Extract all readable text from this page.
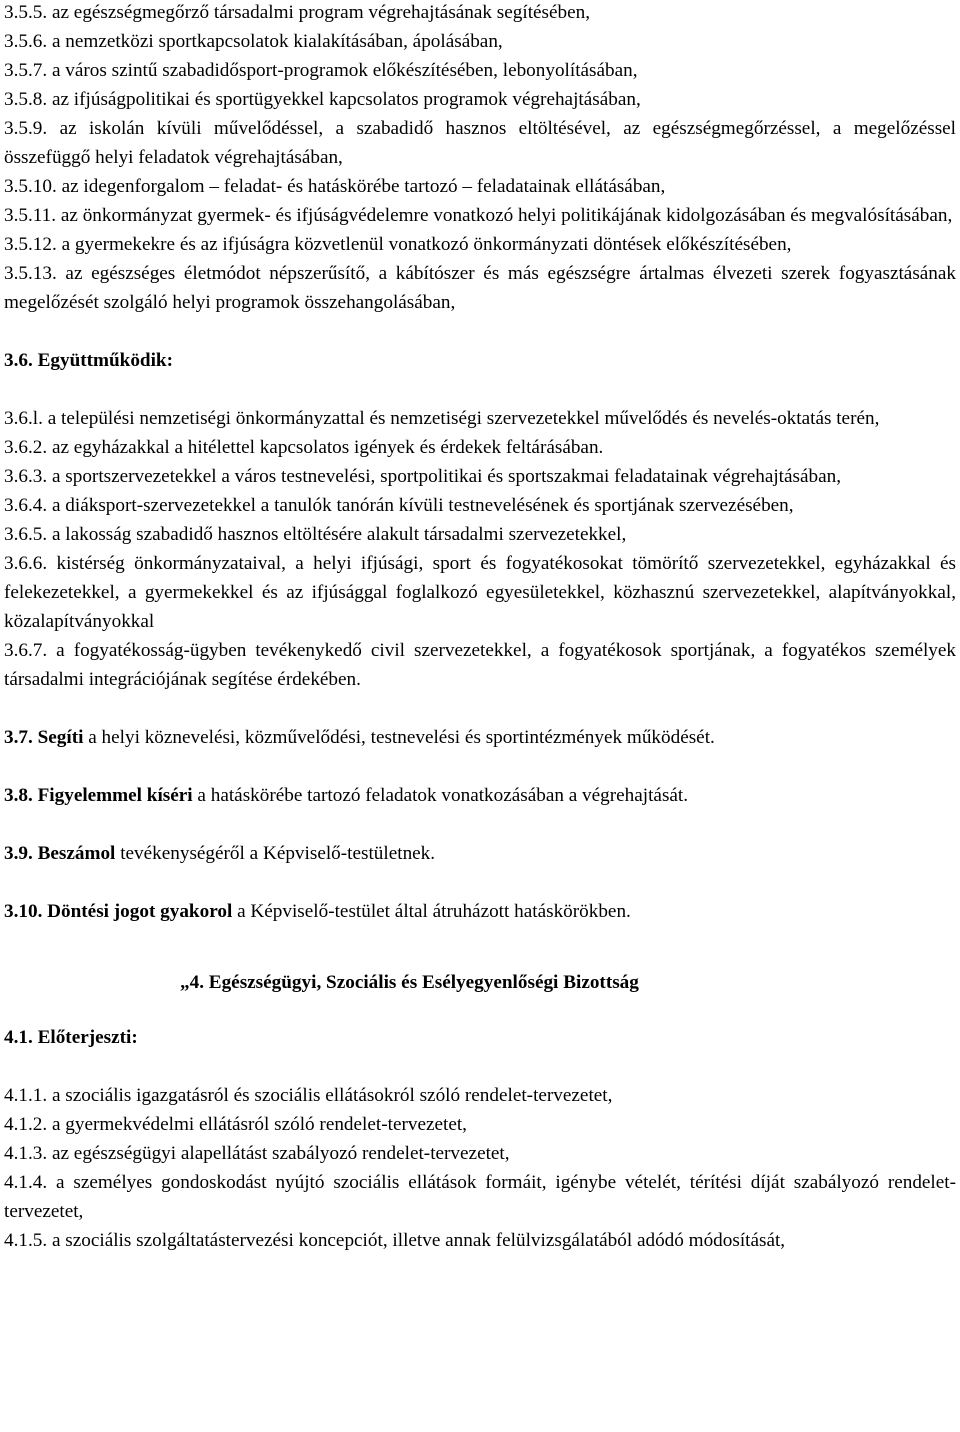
3.5.5. az egészségmegőrző társadalmi program végrehajtásának segítésében,

3.5.6. a nemzetközi sportkapcsolatok kialakításában, ápolásában,

3.5.7. a város szintű szabadidősport-programok előkészítésében, lebonyolításában,

3.5.8. az ifjúságpolitikai és sportügyekkel kapcsolatos programok végrehajtásában,

3.5.9. az iskolán kívüli művelődéssel, a szabadidő hasznos eltöltésével, az egészségmegőrzéssel, a megelőzéssel összefüggő helyi feladatok végrehajtásában,

3.5.10. az idegenforgalom – feladat- és hatáskörébe tartozó – feladatainak ellátásában,

3.5.11. az önkormányzat gyermek- és ifjúságvédelemre vonatkozó helyi politikájának kidolgozásában és megvalósításában,

3.5.12. a gyermekekre és az ifjúságra közvetlenül vonatkozó önkormányzati döntések előkészítésében,

3.5.13. az egészséges életmódot népszerűsítő, a kábítószer és más egészségre ártalmas élvezeti szerek fogyasztásának megelőzését szolgáló helyi programok összehangolásában,

3.6. Együttműködik:

3.6.l. a települési nemzetiségi önkormányzattal és nemzetiségi szervezetekkel művelődés és nevelés-oktatás terén,

3.6.2. az egyházakkal a hitélettel kapcsolatos igények és érdekek feltárásában.

3.6.3. a sportszervezetekkel a város testnevelési, sportpolitikai és sportszakmai feladatainak végrehajtásában,

3.6.4. a diáksport-szervezetekkel a tanulók tanórán kívüli testnevelésének és sportjának szervezésében,

3.6.5. a lakosság szabadidő hasznos eltöltésére alakult társadalmi szervezetekkel,

3.6.6. kistérség önkormányzataival, a helyi ifjúsági, sport és fogyatékosokat tömörítő szervezetekkel, egyházakkal és felekezetekkel, a gyermekekkel és az ifjúsággal foglalkozó egyesületekkel, közhasznú szervezetekkel, alapítványokkal, közalapítványokkal

3.6.7. a fogyatékosság-ügyben tevékenykedő civil szervezetekkel, a fogyatékosok sportjának, a fogyatékos személyek társadalmi integrációjának segítése érdekében.

3.7. Segíti a helyi köznevelési, közművelődési, testnevelési és sportintézmények működését.

3.8. Figyelemmel kíséri a hatáskörébe tartozó feladatok vonatkozásában a végrehajtását.

3.9. Beszámol tevékenységéről a Képviselő-testületnek.

3.10. Döntési jogot gyakorol a Képviselő-testület által átruházott hatáskörökben.

„4. Egészségügyi, Szociális és Esélyegyenlőségi Bizottság

4.1. Előterjeszti:

4.1.1. a szociális igazgatásról és szociális ellátásokról szóló rendelet-tervezetet,

4.1.2. a gyermekvédelmi ellátásról szóló rendelet-tervezetet,

4.1.3. az egészségügyi alapellátást szabályozó rendelet-tervezetet,

4.1.4. a személyes gondoskodást nyújtó szociális ellátások formáit, igénybe vételét, térítési díját szabályozó rendelet-tervezetet,

4.1.5. a szociális szolgáltatástervezési koncepciót, illetve annak felülvizsgálatából adódó módosítását,
